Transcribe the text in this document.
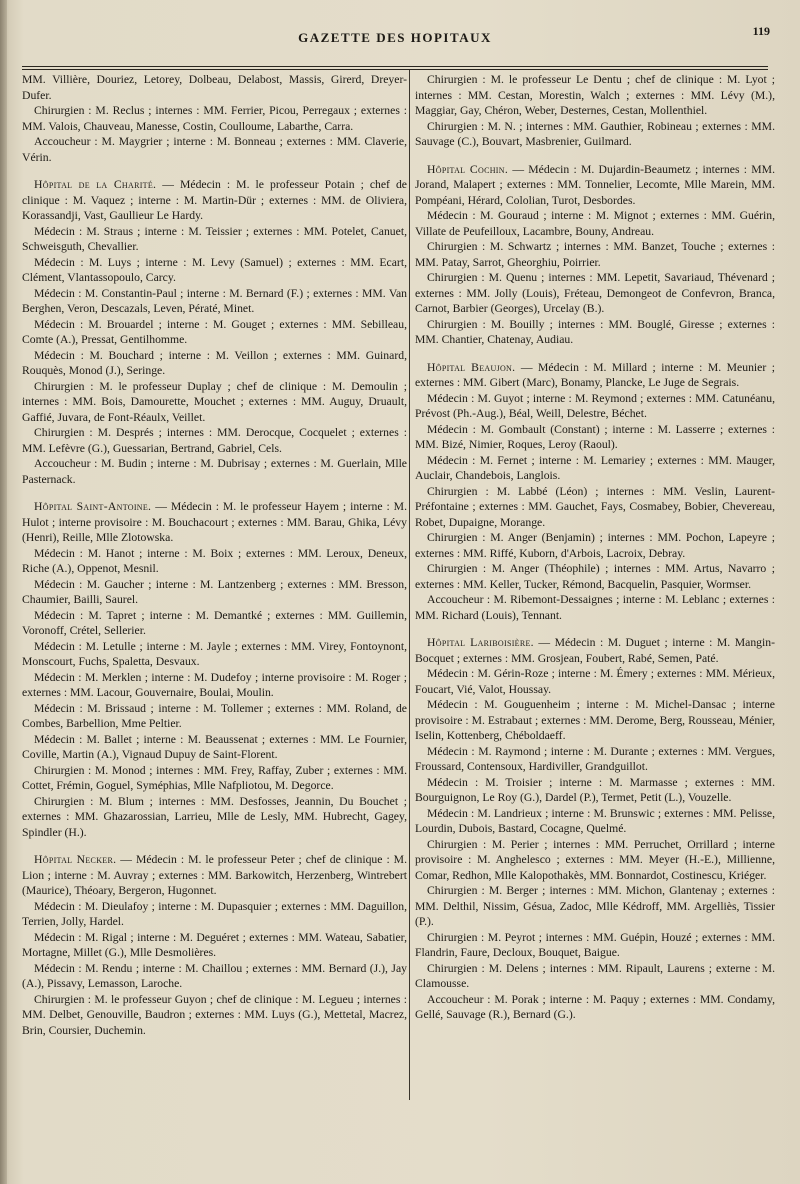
GAZETTE DES HOPITAUX	119

MM. Villière, Douriez, Letorey, Dolbeau, Delabost, Massis, Girerd, Dreyer-Dufer.

Chirurgien : M. Reclus ; internes : MM. Ferrier, Picou, Perregaux ; externes : MM. Valois, Chauveau, Manesse, Costin, Coulloume, Labarthe, Carra.

Accoucheur : M. Maygrier ; interne : M. Bonneau ; externes : MM. Claverie, Vérin.

Hôpital de la Charité. — Médecin : M. le professeur Potain ; chef de clinique : M. Vaquez ; interne : M. Martin-Dür ; externes : MM. de Oliviera, Korassandji, Vast, Gaullieur Le Hardy.

Médecin : M. Straus ; interne : M. Teissier ; externes : MM. Potelet, Canuet, Schweisguth, Chevallier.

Médecin : M. Luys ; interne : M. Levy (Samuel) ; externes : MM. Ecart, Clément, Vlantassopoulo, Carcy.

Médecin : M. Constantin-Paul ; interne : M. Bernard (F.) ; externes : MM. Van Berghen, Veron, Descazals, Leven, Pératé, Minet.

Médecin : M. Brouardel ; interne : M. Gouget ; externes : MM. Sebilleau, Comte (A.), Pressat, Gentilhomme.

Médecin : M. Bouchard ; interne : M. Veillon ; externes : MM. Guinard, Rouquès, Monod (J.), Seringe.

Chirurgien : M. le professeur Duplay ; chef de clinique : M. Demoulin ; internes : MM. Bois, Damourette, Mouchet ; externes : MM. Auguy, Druault, Gaffié, Juvara, de Font-Réaulx, Veillet.

Chirurgien : M. Després ; internes : MM. Derocque, Cocquelet ; externes : MM. Lefèvre (G.), Guessarian, Bertrand, Gabriel, Cels.

Accoucheur : M. Budin ; interne : M. Dubrisay ; externes : M. Guerlain, Mlle Pasternack.

Hôpital Saint-Antoine. — Médecin : M. le professeur Hayem ; interne : M. Hulot ; interne provisoire : M. Bouchacourt ; externes : MM. Barau, Ghika, Lévy (Henri), Reille, Mlle Zlotowska.

Médecin : M. Hanot ; interne : M. Boix ; externes : MM. Leroux, Deneux, Riche (A.), Oppenot, Mesnil.

Médecin : M. Gaucher ; interne : M. Lantzenberg ; externes : MM. Bresson, Chaumier, Bailli, Saurel.

Médecin : M. Tapret ; interne : M. Demantké ; externes : MM. Guillemin, Voronoff, Crétel, Sellerier.

Médecin : M. Letulle ; interne : M. Jayle ; externes : MM. Virey, Fontoynont, Monscourt, Fuchs, Spaletta, Desvaux.

Médecin : M. Merklen ; interne : M. Dudefoy ; interne provisoire : M. Roger ; externes : MM. Lacour, Gouvernaire, Boulai, Moulin.

Médecin : M. Brissaud ; interne : M. Tollemer ; externes : MM. Roland, de Combes, Barbellion, Mme Peltier.

Médecin : M. Ballet ; interne : M. Beaussenat ; externes : MM. Le Fournier, Coville, Martin (A.), Vignaud Dupuy de Saint-Florent.

Chirurgien : M. Monod ; internes : MM. Frey, Raffay, Zuber ; externes : MM. Cottet, Frémin, Goguel, Syméphias, Mlle Nafpliotou, M. Degorce.

Chirurgien : M. Blum ; internes : MM. Desfosses, Jeannin, Du Bouchet ; externes : MM. Ghazarossian, Larrieu, Mlle de Lesly, MM. Hubrecht, Gagey, Spindler (H.).

Hôpital Necker. — Médecin : M. le professeur Peter ; chef de clinique : M. Lion ; interne : M. Auvray ; externes : MM. Barkowitch, Herzenberg, Wintrebert (Maurice), Théoary, Bergeron, Hugonnet.

Médecin : M. Dieulafoy ; interne : M. Dupasquier ; externes : MM. Daguillon, Terrien, Jolly, Hardel.

Médecin : M. Rigal ; interne : M. Deguéret ; externes : MM. Wateau, Sabatier, Mortagne, Millet (G.), Mlle Desmolières.

Médecin : M. Rendu ; interne : M. Chaillou ; externes : MM. Bernard (J.), Jay (A.), Pissavy, Lemasson, Laroche.

Chirurgien : M. le professeur Guyon ; chef de clinique : M. Legueu ; internes : MM. Delbet, Genouville, Baudron ; externes : MM. Luys (G.), Mettetal, Macrez, Brin, Coursier, Duchemin.

Chirurgien : M. le professeur Le Dentu ; chef de clinique : M. Lyot ; internes : MM. Cestan, Morestin, Walch ; externes : MM. Lévy (M.), Maggiar, Gay, Chéron, Weber, Desternes, Cestan, Mollenthiel.

Chirurgien : M. N. ; internes : MM. Gauthier, Robineau ; externes : MM. Sauvage (C.), Bouvart, Masbrenier, Guilmard.

Hôpital Cochin. — Médecin : M. Dujardin-Beaumetz ; internes : MM. Jorand, Malapert ; externes : MM. Tonnelier, Lecomte, Mlle Marein, MM. Pompéani, Hérard, Cololian, Turot, Desbordes.

Médecin : M. Gouraud ; interne : M. Mignot ; externes : MM. Guérin, Villate de Peufeilloux, Lacambre, Bouny, Andreau.

Chirurgien : M. Schwartz ; internes : MM. Banzet, Touche ; externes : MM. Patay, Sarrot, Gheorghiu, Poirrier.

Chirurgien : M. Quenu ; internes : MM. Lepetit, Savariaud, Thévenard ; externes : MM. Jolly (Louis), Fréteau, Demongeot de Confevron, Branca, Carnot, Barbier (Georges), Urcelay (B.).

Chirurgien : M. Bouilly ; internes : MM. Bouglé, Giresse ; externes : MM. Chantier, Chatenay, Audiau.

Hôpital Beaujon. — Médecin : M. Millard ; interne : M. Meunier ; externes : MM. Gibert (Marc), Bonamy, Plancke, Le Juge de Segrais.

Médecin : M. Guyot ; interne : M. Reymond ; externes : MM. Catunéanu, Prévost (Ph.-Aug.), Béal, Weill, Delestre, Béchet.

Médecin : M. Gombault (Constant) ; interne : M. Lasserre ; externes : MM. Bizé, Nimier, Roques, Leroy (Raoul).

Médecin : M. Fernet ; interne : M. Lemariey ; externes : MM. Mauger, Auclair, Chandebois, Langlois.

Chirurgien : M. Labbé (Léon) ; internes : MM. Veslin, Laurent-Préfontaine ; externes : MM. Gauchet, Fays, Cosmabey, Bobier, Chevereau, Robet, Dupaigne, Morange.

Chirurgien : M. Anger (Benjamin) ; internes : MM. Pochon, Lapeyre ; externes : MM. Riffé, Kuborn, d'Arbois, Lacroix, Debray.

Chirurgien : M. Anger (Théophile) ; internes : MM. Artus, Navarro ; externes : MM. Keller, Tucker, Rémond, Bacquelin, Pasquier, Wormser.

Accoucheur : M. Ribemont-Dessaignes ; interne : M. Leblanc ; externes : MM. Richard (Louis), Tennant.

Hôpital Lariboisière. — Médecin : M. Duguet ; interne : M. Mangin-Bocquet ; externes : MM. Grosjean, Foubert, Rabé, Semen, Paté.

Médecin : M. Gérin-Roze ; interne : M. Émery ; externes : MM. Mérieux, Foucart, Vié, Valot, Houssay.

Médecin : M. Gouguenheim ; interne : M. Michel-Dansac ; interne provisoire : M. Estrabaut ; externes : MM. Derome, Berg, Rousseau, Ménier, Iselin, Kottenberg, Chéboldaeff.

Médecin : M. Raymond ; interne : M. Durante ; externes : MM. Vergues, Froussard, Contensoux, Hardiviller, Grandguillot.

Médecin : M. Troisier ; interne : M. Marmasse ; externes : MM. Bourguignon, Le Roy (G.), Dardel (P.), Termet, Petit (L.), Vouzelle.

Médecin : M. Landrieux ; interne : M. Brunswic ; externes : MM. Pelisse, Lourdin, Dubois, Bastard, Cocagne, Quelmé.

Chirurgien : M. Perier ; internes : MM. Perruchet, Orrillard ; interne provisoire : M. Anghelesco ; externes : MM. Meyer (H.-E.), Millienne, Comar, Redhon, Mlle Kalopothakès, MM. Bonnardot, Costinescu, Kriéger.

Chirurgien : M. Berger ; internes : MM. Michon, Glantenay ; externes : MM. Delthil, Nissim, Gésua, Zadoc, Mlle Kédroff, MM. Argelliès, Tissier (P.).

Chirurgien : M. Peyrot ; internes : MM. Guépin, Houzé ; externes : MM. Flandrin, Faure, Decloux, Bouquet, Baigue.

Chirurgien : M. Delens ; internes : MM. Ripault, Laurens ; externe : M. Clamousse.

Accoucheur : M. Porak ; interne : M. Paquy ; externes : MM. Condamy, Gellé, Sauvage (R.), Bernard (G.).
